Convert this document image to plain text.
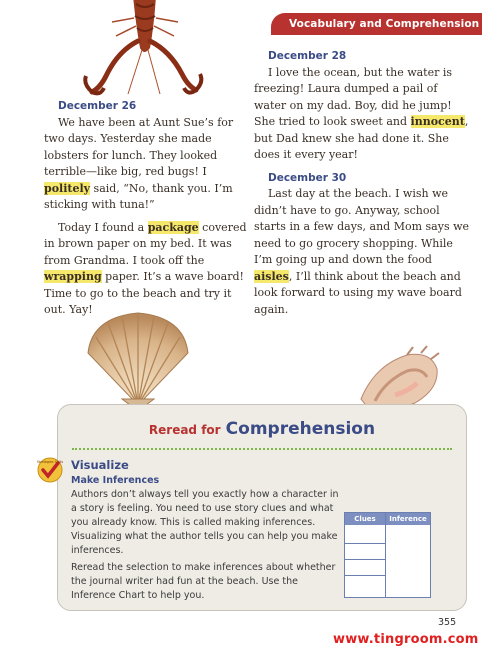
Vocabulary and Comprehension

December 26

We have been at Aunt Sue’s for two days. Yesterday she made lobsters for lunch. They looked terrible—like big, red bugs! I politely said, “No, thank you. I’m sticking with tuna!”

Today I found a package covered in brown paper on my bed. It was from Grandma. I took off the wrapping paper. It’s a wave board! Time to go to the beach and try it out. Yay!

December 28

I love the ocean, but the water is freezing! Laura dumped a pail of water on my dad. Boy, did he jump! She tried to look sweet and innocent, but Dad knew she had done it. She does it every year!

December 30

Last day at the beach. I wish we didn’t have to go. Anyway, school starts in a few days, and Mom says we need to go grocery shopping. While I’m going up and down the food aisles, I’ll think about the beach and look forward to using my wave board again.

Reread for Comprehension
Strategies Skills Visualize
Make Inferences

Authors don’t always tell you exactly how a character in a story is feeling. You need to use story clues and what you already know. This is called making inferences. Visualizing what the author tells you can help you make inferences.

Reread the selection to make inferences about whether the journal writer had fun at the beach. Use the Inference Chart to help you.

Clues	Inference
355
www.tingroom.com
